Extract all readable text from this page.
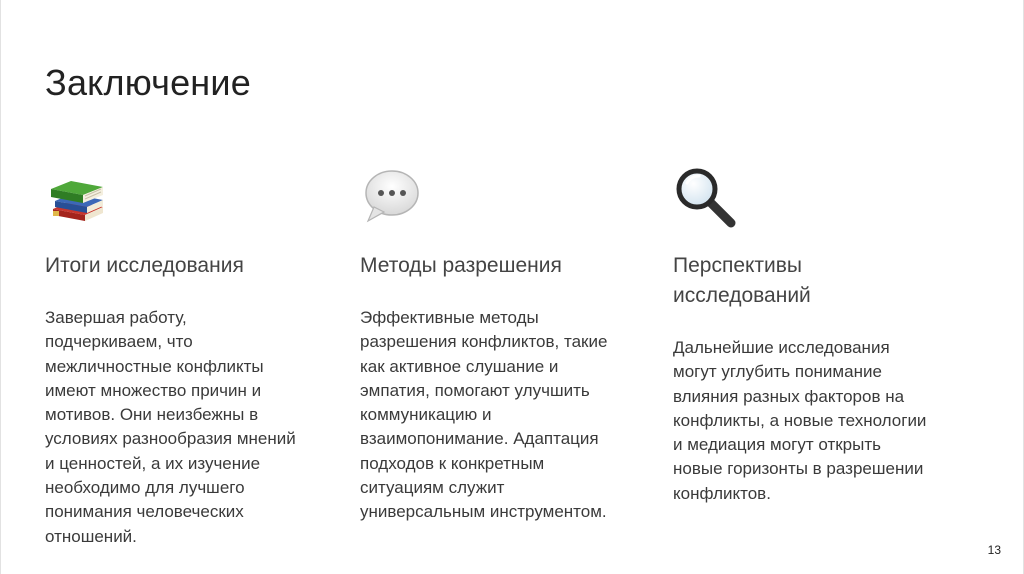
Заключение

Итоги исследования

Завершая работу, подчеркиваем, что межличностные конфликты имеют множество причин и мотивов. Они неизбежны в условиях разнообразия мнений и ценностей, а их изучение необходимо для лучшего понимания человеческих отношений.

Методы разрешения

Эффективные методы разрешения конфликтов, такие как активное слушание и эмпатия, помогают улучшить коммуникацию и взаимопонимание. Адаптация подходов к конкретным ситуациям служит универсальным инструментом.

Перспективы исследований

Дальнейшие исследования могут углубить понимание влияния разных факторов на конфликты, а новые технологии и медиация могут открыть новые горизонты в разрешении конфликтов.

13
